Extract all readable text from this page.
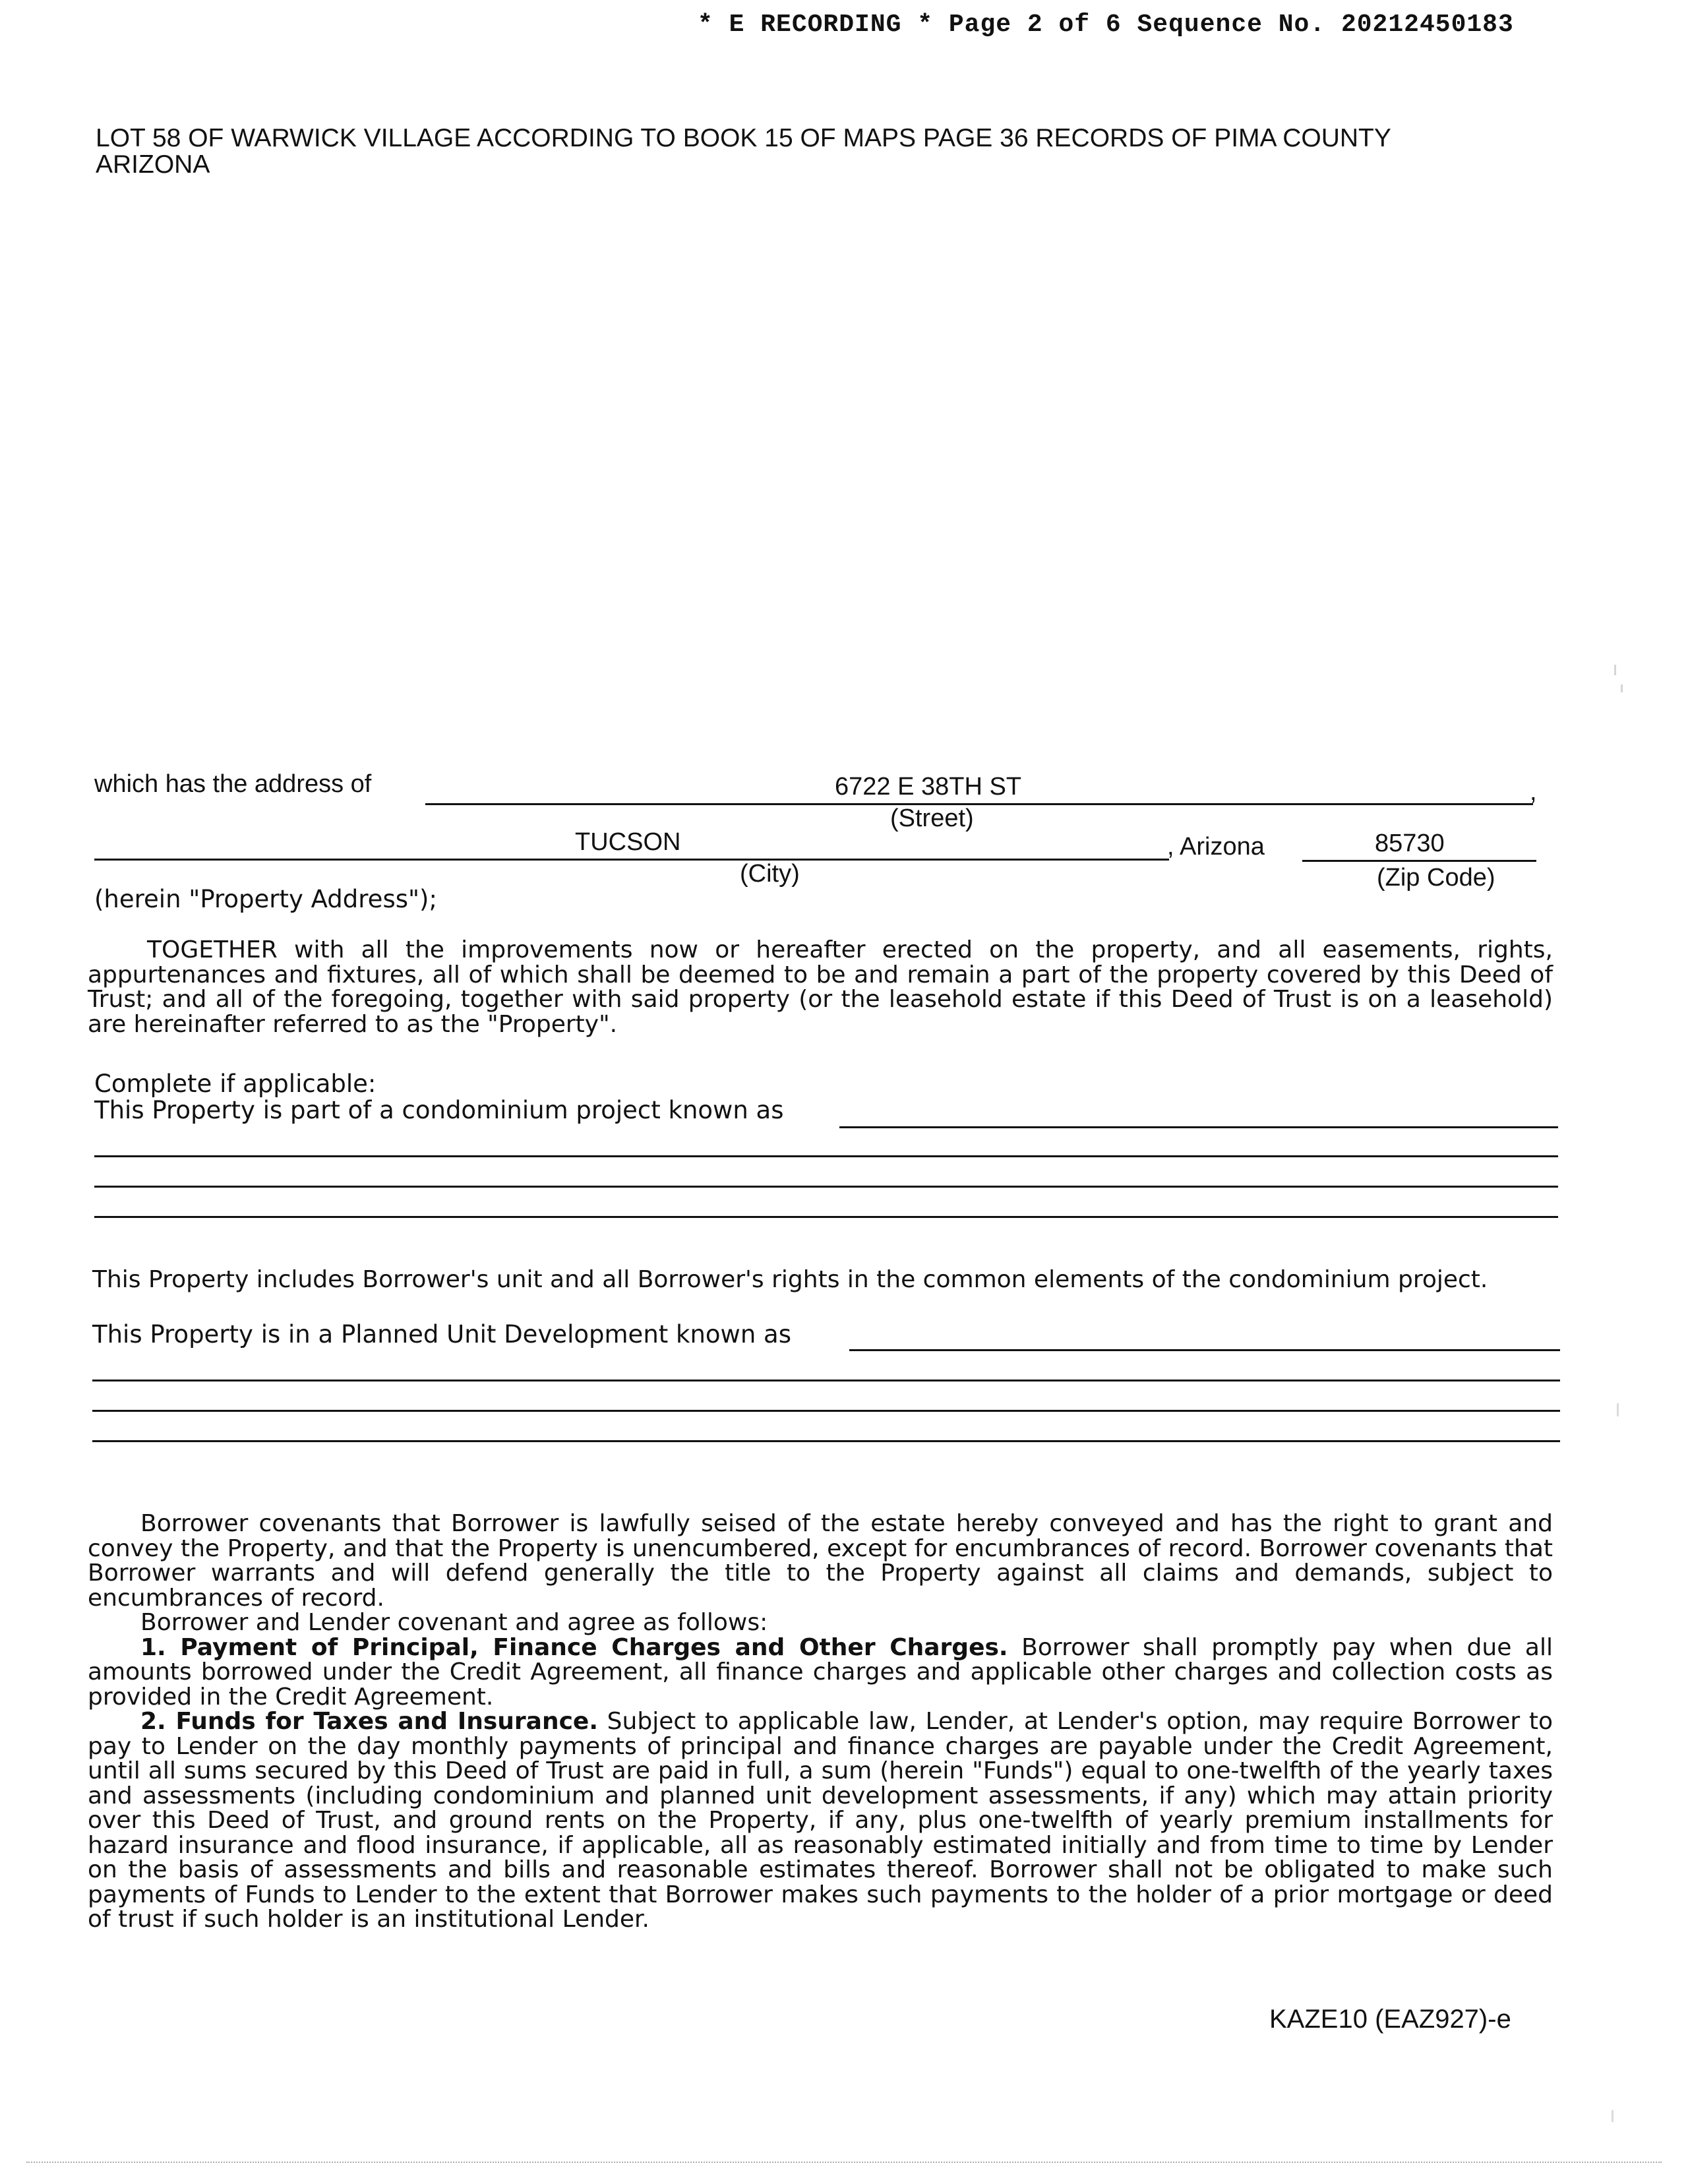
* E RECORDING * Page 2 of 6 Sequence No. 20212450183
LOT 58 OF WARWICK VILLAGE ACCORDING TO BOOK 15 OF MAPS PAGE 36 RECORDS OF PIMA COUNTY
ARIZONA
which has the address of	6722 E 38TH ST	,
(Street)
TUCSON	, Arizona	85730
(City)	(Zip Code)
(herein "Property Address");
TOGETHER with all the improvements now or hereafter erected on the property, and all easements, rights, appurtenances and fixtures, all of which shall be deemed to be and remain a part of the property covered by this Deed of Trust; and all of the foregoing, together with said property (or the leasehold estate if this Deed of Trust is on a leasehold) are hereinafter referred to as the "Property".
Complete if applicable:
This Property is part of a condominium project known as
This Property includes Borrower's unit and all Borrower's rights in the common elements of the condominium project.
This Property is in a Planned Unit Development known as
Borrower covenants that Borrower is lawfully seised of the estate hereby conveyed and has the right to grant and convey the Property, and that the Property is unencumbered, except for encumbrances of record. Borrower covenants that Borrower warrants and will defend generally the title to the Property against all claims and demands, subject to encumbrances of record.
Borrower and Lender covenant and agree as follows:
1. Payment of Principal, Finance Charges and Other Charges. Borrower shall promptly pay when due all amounts borrowed under the Credit Agreement, all finance charges and applicable other charges and collection costs as provided in the Credit Agreement.
2. Funds for Taxes and Insurance. Subject to applicable law, Lender, at Lender's option, may require Borrower to pay to Lender on the day monthly payments of principal and finance charges are payable under the Credit Agreement, until all sums secured by this Deed of Trust are paid in full, a sum (herein "Funds") equal to one-twelfth of the yearly taxes and assessments (including condominium and planned unit development assessments, if any) which may attain priority over this Deed of Trust, and ground rents on the Property, if any, plus one-twelfth of yearly premium installments for hazard insurance and flood insurance, if applicable, all as reasonably estimated initially and from time to time by Lender on the basis of assessments and bills and reasonable estimates thereof. Borrower shall not be obligated to make such payments of Funds to Lender to the extent that Borrower makes such payments to the holder of a prior mortgage or deed of trust if such holder is an institutional Lender.
KAZE10 (EAZ927)-e
